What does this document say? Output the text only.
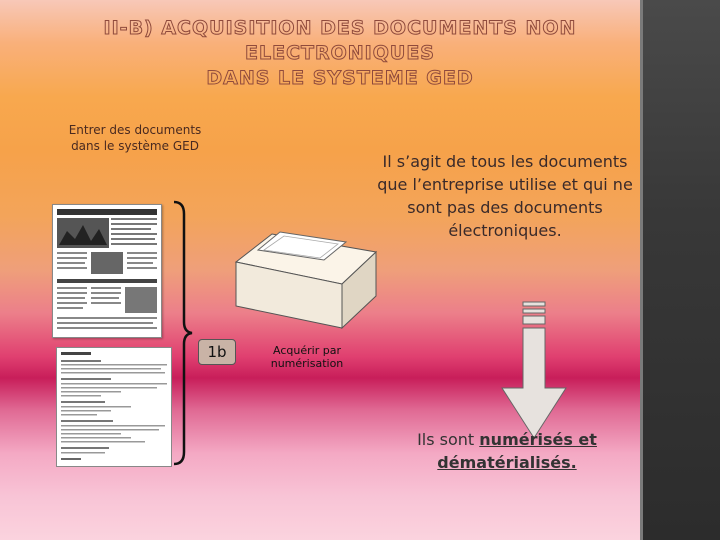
II-B) ACQUISITION DES DOCUMENTS NON ELECTRONIQUES
DANS LE SYSTEME GED
Entrer des documents
dans le système GED
Il s’agit de tous les documents que l’entreprise utilise et qui ne sont pas des documents électroniques.
1b	Acquérir par
numérisation
Ils sont numérisés et
dématérialisés.
